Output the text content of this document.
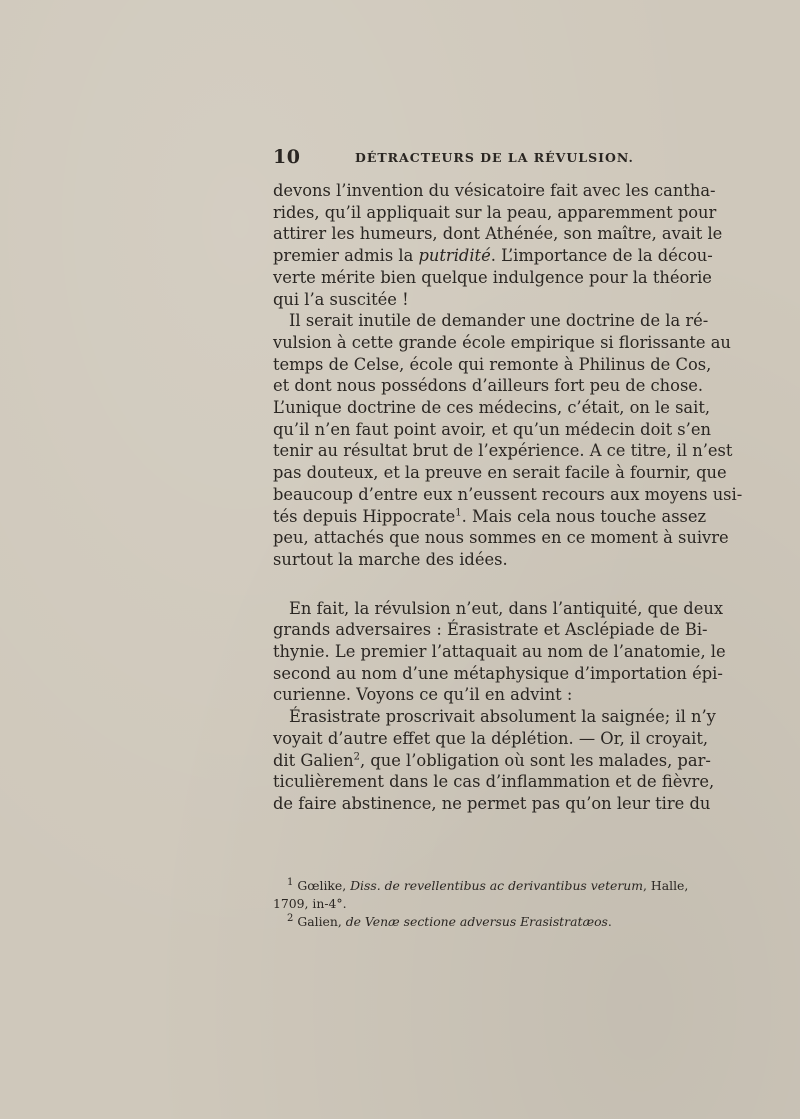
10	DÉTRACTEURS DE LA RÉVULSION.

devons l’invention du vésicatoire fait avec les cantha-
rides, qu’il appliquait sur la peau, apparemment pour
attirer les humeurs, dont Athénée, son maître, avait le
premier admis la putridité. L’importance de la décou-
verte mérite bien quelque indulgence pour la théorie
qui l’a suscitée !

Il serait inutile de demander une doctrine de la ré-
vulsion à cette grande école empirique si florissante au
temps de Celse, école qui remonte à Philinus de Cos,
et dont nous possédons d’ailleurs fort peu de chose.
L’unique doctrine de ces médecins, c’était, on le sait,
qu’il n’en faut point avoir, et qu’un médecin doit s’en
tenir au résultat brut de l’expérience. A ce titre, il n’est
pas douteux, et la preuve en serait facile à fournir, que
beaucoup d’entre eux n’eussent recours aux moyens usi-
tés depuis Hippocrate$^1$. Mais cela nous touche assez
peu, attachés que nous sommes en ce moment à suivre
surtout la marche des idées.

En fait, la révulsion n’eut, dans l’antiquité, que deux
grands adversaires : Érasistrate et Asclépiade de Bi-
thynie. Le premier l’attaquait au nom de l’anatomie, le
second au nom d’une métaphysique d’importation épi-
curienne. Voyons ce qu’il en advint :

Érasistrate proscrivait absolument la saignée; il n’y
voyait d’autre effet que la déplétion. — Or, il croyait,
dit Galien$^2$, que l’obligation où sont les malades, par-
ticulièrement dans le cas d’inflammation et de fièvre,
de faire abstinence, ne permet pas qu’on leur tire du

$^1$ Gœlike, Diss. de revellentibus ac derivantibus veterum, Halle,
1709, in-4°.
$^2$ Galien, de Venæ sectione adversus Erasistratæos.
